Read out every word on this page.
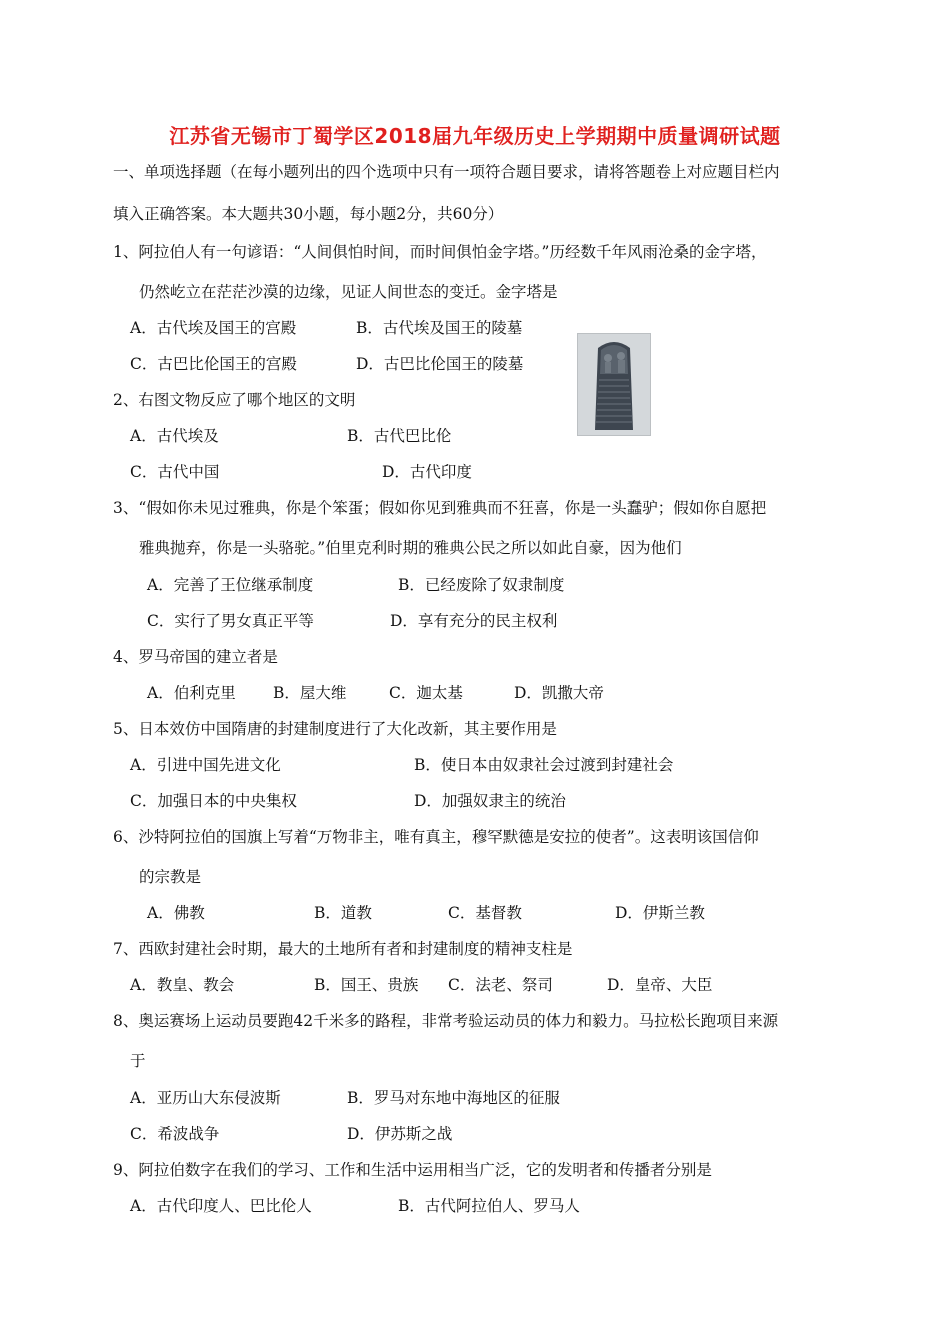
江苏省无锡市丁蜀学区2018届九年级历史上学期期中质量调研试题
一、单项选择题（在每小题列出的四个选项中只有一项符合题目要求，请将答题卷上对应题目栏内
填入正确答案。本大题共30小题，每小题2分，共60分）
1、阿拉伯人有一句谚语：“人间俱怕时间，而时间俱怕金字塔。”历经数千年风雨沧桑的金字塔，
仍然屹立在茫茫沙漠的边缘，见证人间世态的变迁。金字塔是
A．古代埃及国王的宫殿	B．古代埃及国王的陵墓
C．古巴比伦国王的宫殿	D．古巴比伦国王的陵墓
2、右图文物反应了哪个地区的文明
A．古代埃及	B．古代巴比伦
C．古代中国	D．古代印度
3、“假如你未见过雅典，你是个笨蛋；假如你见到雅典而不狂喜，你是一头蠢驴；假如你自愿把
雅典抛弃，你是一头骆驼。”伯里克利时期的雅典公民之所以如此自豪，因为他们
A．完善了王位继承制度	B．已经废除了奴隶制度
C．实行了男女真正平等	D．享有充分的民主权利
4、罗马帝国的建立者是
A．伯利克里 B．屋大维	C．迦太基	D．凯撒大帝
5、日本效仿中国隋唐的封建制度进行了大化改新，其主要作用是
A．引进中国先进文化	B．使日本由奴隶社会过渡到封建社会
C．加强日本的中央集权	D．加强奴隶主的统治
6、沙特阿拉伯的国旗上写着“万物非主，唯有真主，穆罕默德是安拉的使者”。这表明该国信仰
的宗教是
A．佛教	B．道教	C．基督教	D．伊斯兰教
7、西欧封建社会时期，最大的土地所有者和封建制度的精神支柱是
A．教皇、教会	B．国王、贵族 C．法老、祭司	D．皇帝、大臣
8、奥运赛场上运动员要跑42千米多的路程，非常考验运动员的体力和毅力。马拉松长跑项目来源
于
A．亚历山大东侵波斯	B．罗马对东地中海地区的征服
C．希波战争	D．伊苏斯之战
9、阿拉伯数字在我们的学习、工作和生活中运用相当广泛，它的发明者和传播者分别是
A．古代印度人、巴比伦人	B．古代阿拉伯人、罗马人
